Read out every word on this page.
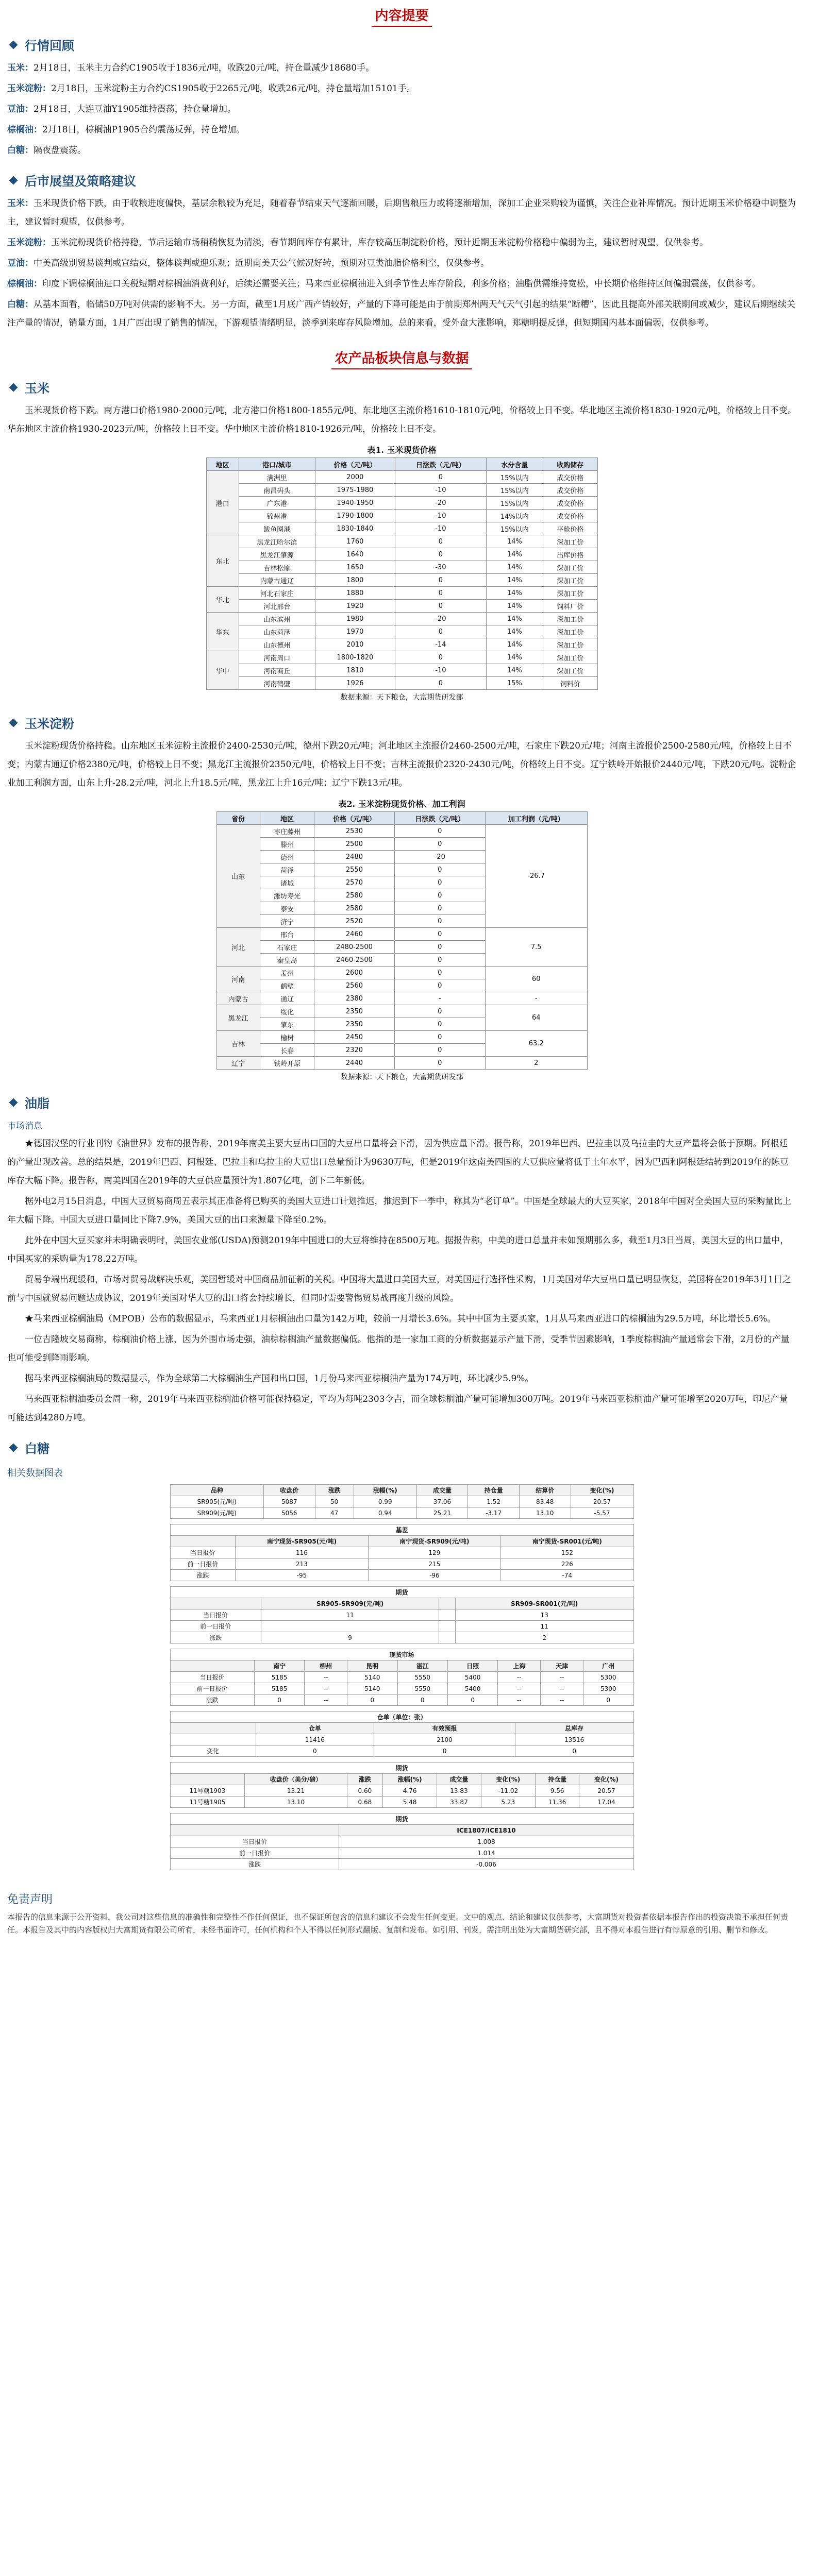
内容提要
行情回顾

玉米：2月18日，玉米主力合约C1905收于1836元/吨，收跌20元/吨，持仓量减少18680手。

玉米淀粉：2月18日，玉米淀粉主力合约CS1905收于2265元/吨，收跌26元/吨，持仓量增加15101手。

豆油：2月18日，大连豆油Y1905维持震荡，持仓量增加。

棕榈油：2月18日，棕榈油P1905合约震荡反弹，持仓增加。

白糖：隔夜盘震荡。

后市展望及策略建议

玉米：玉米现货价格下跌，由于收粮进度偏快，基层余粮较为充足，随着春节结束天气逐渐回暖，后期售粮压力或将逐渐增加，深加工企业采购较为谨慎，关注企业补库情况。预计近期玉米价格稳中调整为主，建议暂时观望，仅供参考。

玉米淀粉：玉米淀粉现货价格持稳，节后运输市场稍稍恢复为清淡，春节期间库存有累计，库存较高压制淀粉价格，预计近期玉米淀粉价格稳中偏弱为主，建议暂时观望，仅供参考。

豆油：中美高级别贸易谈判或宣结束，整体谈判或迎乐观；近期南美天公气候况好转，预期对豆类油脂价格利空，仅供参考。

棕榈油：印度下调棕榈油进口关税短期对棕榈油消费利好，后续还需要关注；马来西亚棕榈油进入到季节性去库存阶段，利多价格；油脂供需维持宽松，中长期价格维持区间偏弱震荡，仅供参考。

白糖：从基本面看，临储50万吨对供需的影响不大。另一方面，截至1月底广西产销较好，产量的下降可能是由于前期郑州两天气天气引起的结果“断糟”，因此且提高外部关联期间或减少，建议后期继续关注产量的情况，销量方面，1月广西出现了销售的情况，下游观望情绪明显，淡季到来库存风险增加。总的来看，受外盘大涨影响，郑糖明提反弹，但短期国内基本面偏弱，仅供参考。

农产品板块信息与数据
玉米

玉米现货价格下跌。南方港口价格1980-2000元/吨，北方港口价格1800-1855元/吨，东北地区主流价格1610-1810元/吨，价格较上日不变。华北地区主流价格1830-1920元/吨，价格较上日不变。华东地区主流价格1930-2023元/吨，价格较上日不变。华中地区主流价格1810-1926元/吨，价格较上日不变。

表1. 玉米现货价格
地区	港口/城市	价格（元/吨）	日涨跌（元/吨）	水分含量	收购储存
港口	满洲里	2000	0	15%以内	成交价格
	南昌码头	1975-1980	-10	15%以内	成交价格
	广东港	1940-1950	-20	15%以内	成交价格
	锦州港	1790-1800	-10	14%以内	成交价格
	鲅鱼圈港	1830-1840	-10	15%以内	平舱价格
东北	黑龙江哈尔滨	1760	0	14%	深加工价
	黑龙江肇源	1640	0	14%	出库价格
	吉林松原	1650	-30	14%	深加工价
	内蒙古通辽	1800	0	14%	深加工价
华北	河北石家庄	1880	0	14%	深加工价
	河北邢台	1920	0	14%	饲料厂价
华东	山东滨州	1980	-20	14%	深加工价
	山东菏泽	1970	0	14%	深加工价
	山东德州	2010	-14	14%	深加工价
华中	河南周口	1800-1820	0	14%	深加工价
	河南商丘	1810	-10	14%	深加工价
	河南鹤壁	1926	0	15%	饲料价
数据来源：天下粮仓，大富期货研发部
玉米淀粉

玉米淀粉现货价格持稳。山东地区玉米淀粉主流报价2400-2530元/吨，德州下跌20元/吨；河北地区主流报价2460-2500元/吨，石家庄下跌20元/吨；河南主流报价2500-2580元/吨，价格较上日不变；内蒙古通辽价格2380元/吨，价格较上日不变；黑龙江主流报价2350元/吨，价格较上日不变；吉林主流报价2320-2430元/吨，价格较上日不变。辽宁铁岭开始报价2440元/吨，下跌20元/吨。淀粉企业加工利润方面，山东上升-28.2元/吨，河北上升18.5元/吨，黑龙江上升16元/吨；辽宁下跌13元/吨。

表2. 玉米淀粉现货价格、加工利润
省份	地区	价格（元/吨）	日涨跌（元/吨）	加工利润（元/吨）
山东	枣庄藤州	2530	0	-26.7
	滕州	2500	0	
	德州	2480	-20	
	菏泽	2550	0	
	诸城	2570	0	
	潍坊寿光	2580	0	
	泰安	2580	0	
	济宁	2520	0	
河北	邢台	2460	0	7.5
	石家庄	2480-2500	0	
	秦皇岛	2460-2500	0	
河南	孟州	2600	0	60
	鹤壁	2560	0	
内蒙古	通辽	2380	-	-
黑龙江	绥化	2350	0	64
	肇东	2350	0	
吉林	榆树	2450	0	63.2
	长春	2320	0	
辽宁	铁岭开原	2440	0	2
数据来源：天下粮仓，大富期货研发部
油脂
市场消息

★德国汉堡的行业刊物《油世界》发布的报告称，2019年南美主要大豆出口国的大豆出口量将会下滑，因为供应量下滑。报告称，2019年巴西、巴拉圭以及乌拉圭的大豆产量将会低于预期。阿根廷的产量出现改善。总的结果是，2019年巴西、阿根廷、巴拉圭和乌拉圭的大豆出口总量预计为9630万吨，但是2019年这南美四国的大豆供应量将低于上年水平，因为巴西和阿根廷结转到2019年的陈豆库存大幅下降。报告称，南美四国在2019年的大豆供应量预计为1.807亿吨，创下二年新低。

据外电2月15日消息，中国大豆贸易商周五表示其正准备将已购买的美国大豆进口计划推迟，推迟到下一季中，称其为“老订单”。中国是全球最大的大豆买家，2018年中国对全美国大豆的采购量比上年大幅下降。中国大豆进口量同比下降7.9%，美国大豆的出口来源量下降至0.2%。

此外在中国大豆买家并未明确表明时，美国农业部(USDA)预测2019年中国进口的大豆将维持在8500万吨。据报告称，中美的进口总量并未如预期那么多，截至1月3日当周，美国大豆的出口量中，中国买家的采购量为178.22万吨。

贸易争端出现缓和，市场对贸易战解决乐观，美国暂缓对中国商品加征新的关税。中国将大量进口美国大豆，对美国进行选择性采购，1月美国对华大豆出口量已明显恢复，美国将在2019年3月1日之前与中国就贸易问题达成协议，2019年美国对华大豆的出口将会持续增长，但同时需要警惕贸易战再度升级的风险。

★马来西亚棕榈油局（MPOB）公布的数据显示，马来西亚1月棕榈油出口量为142万吨，较前一月增长3.6%。其中中国为主要买家，1月从马来西亚进口的棕榈油为29.5万吨，环比增长5.6%。

一位吉隆坡交易商称，棕榈油价格上涨，因为外围市场走强，油棕棕榈油产量数据偏低。他指的是一家加工商的分析数据显示产量下滑，受季节因素影响，1季度棕榈油产量通常会下滑，2月份的产量也可能受到降雨影响。

据马来西亚棕榈油局的数据显示，作为全球第二大棕榈油生产国和出口国，1月份马来西亚棕榈油产量为174万吨，环比减少5.9%。

马来西亚棕榈油委员会周一称，2019年马来西亚棕榈油价格可能保持稳定，平均为每吨2303令吉，而全球棕榈油产量可能增加300万吨。2019年马来西亚棕榈油产量可能增至2020万吨，印尼产量可能达到4280万吨。

白糖
相关数据图表
品种	收盘价	涨跌	涨幅(%)	成交量	持仓量	结算价	变化(%)
SR905(元/吨)	5087	50	0.99	37.06	1.52	83.48	20.57
SR909(元/吨)	5056	47	0.94	25.21	-3.17	13.10	-5.57
基差			
	南宁现货-SR905(元/吨)	南宁现货-SR909(元/吨)	南宁现货-SR001(元/吨)
当日报价	116	129	152
前一日报价	213	215	226
涨跌	-95	-96	-74
期货			
	SR905-SR909(元/吨)		SR909-SR001(元/吨)
当日报价	11		13
前一日报价			11
涨跌	9		2
现货市场								
	南宁	柳州	昆明	湛江	日照	上海	天津	广州
当日报价	5185	--	5140	5550	5400	--	--	5300
前一日报价	5185	--	5140	5550	5400	--	--	5300
涨跌	0	--	0	0	0	--	--	0
仓单（单位：张）			
	仓单	有效预报	总库存
	11416	2100	13516
变化	0	0	0
期货							
	收盘价（美分/磅）	涨跌	涨幅(%)	成交量	变化(%)	持仓量	变化(%)
11号糖1903	13.21	0.60	4.76	13.83	-11.02	9.56	20.57
11号糖1905	13.10	0.68	5.48	33.87	5.23	11.36	17.04
期货	
	ICE1807/ICE1810
当日报价	1.008
前一日报价	1.014
涨跌	-0.006
免责声明
本报告的信息来源于公开资料，我公司对这些信息的准确性和完整性不作任何保证，也不保证所包含的信息和建议不会发生任何变更。文中的观点、结论和建议仅供参考，大富期货对投资者依据本报告作出的投资决策不承担任何责任。本报告及其中的内容版权归大富期货有限公司所有，未经书面许可，任何机构和个人不得以任何形式翻版、复制和发布。如引用、刊发，需注明出处为大富期货研究部，且不得对本报告进行有悖原意的引用、删节和修改。
